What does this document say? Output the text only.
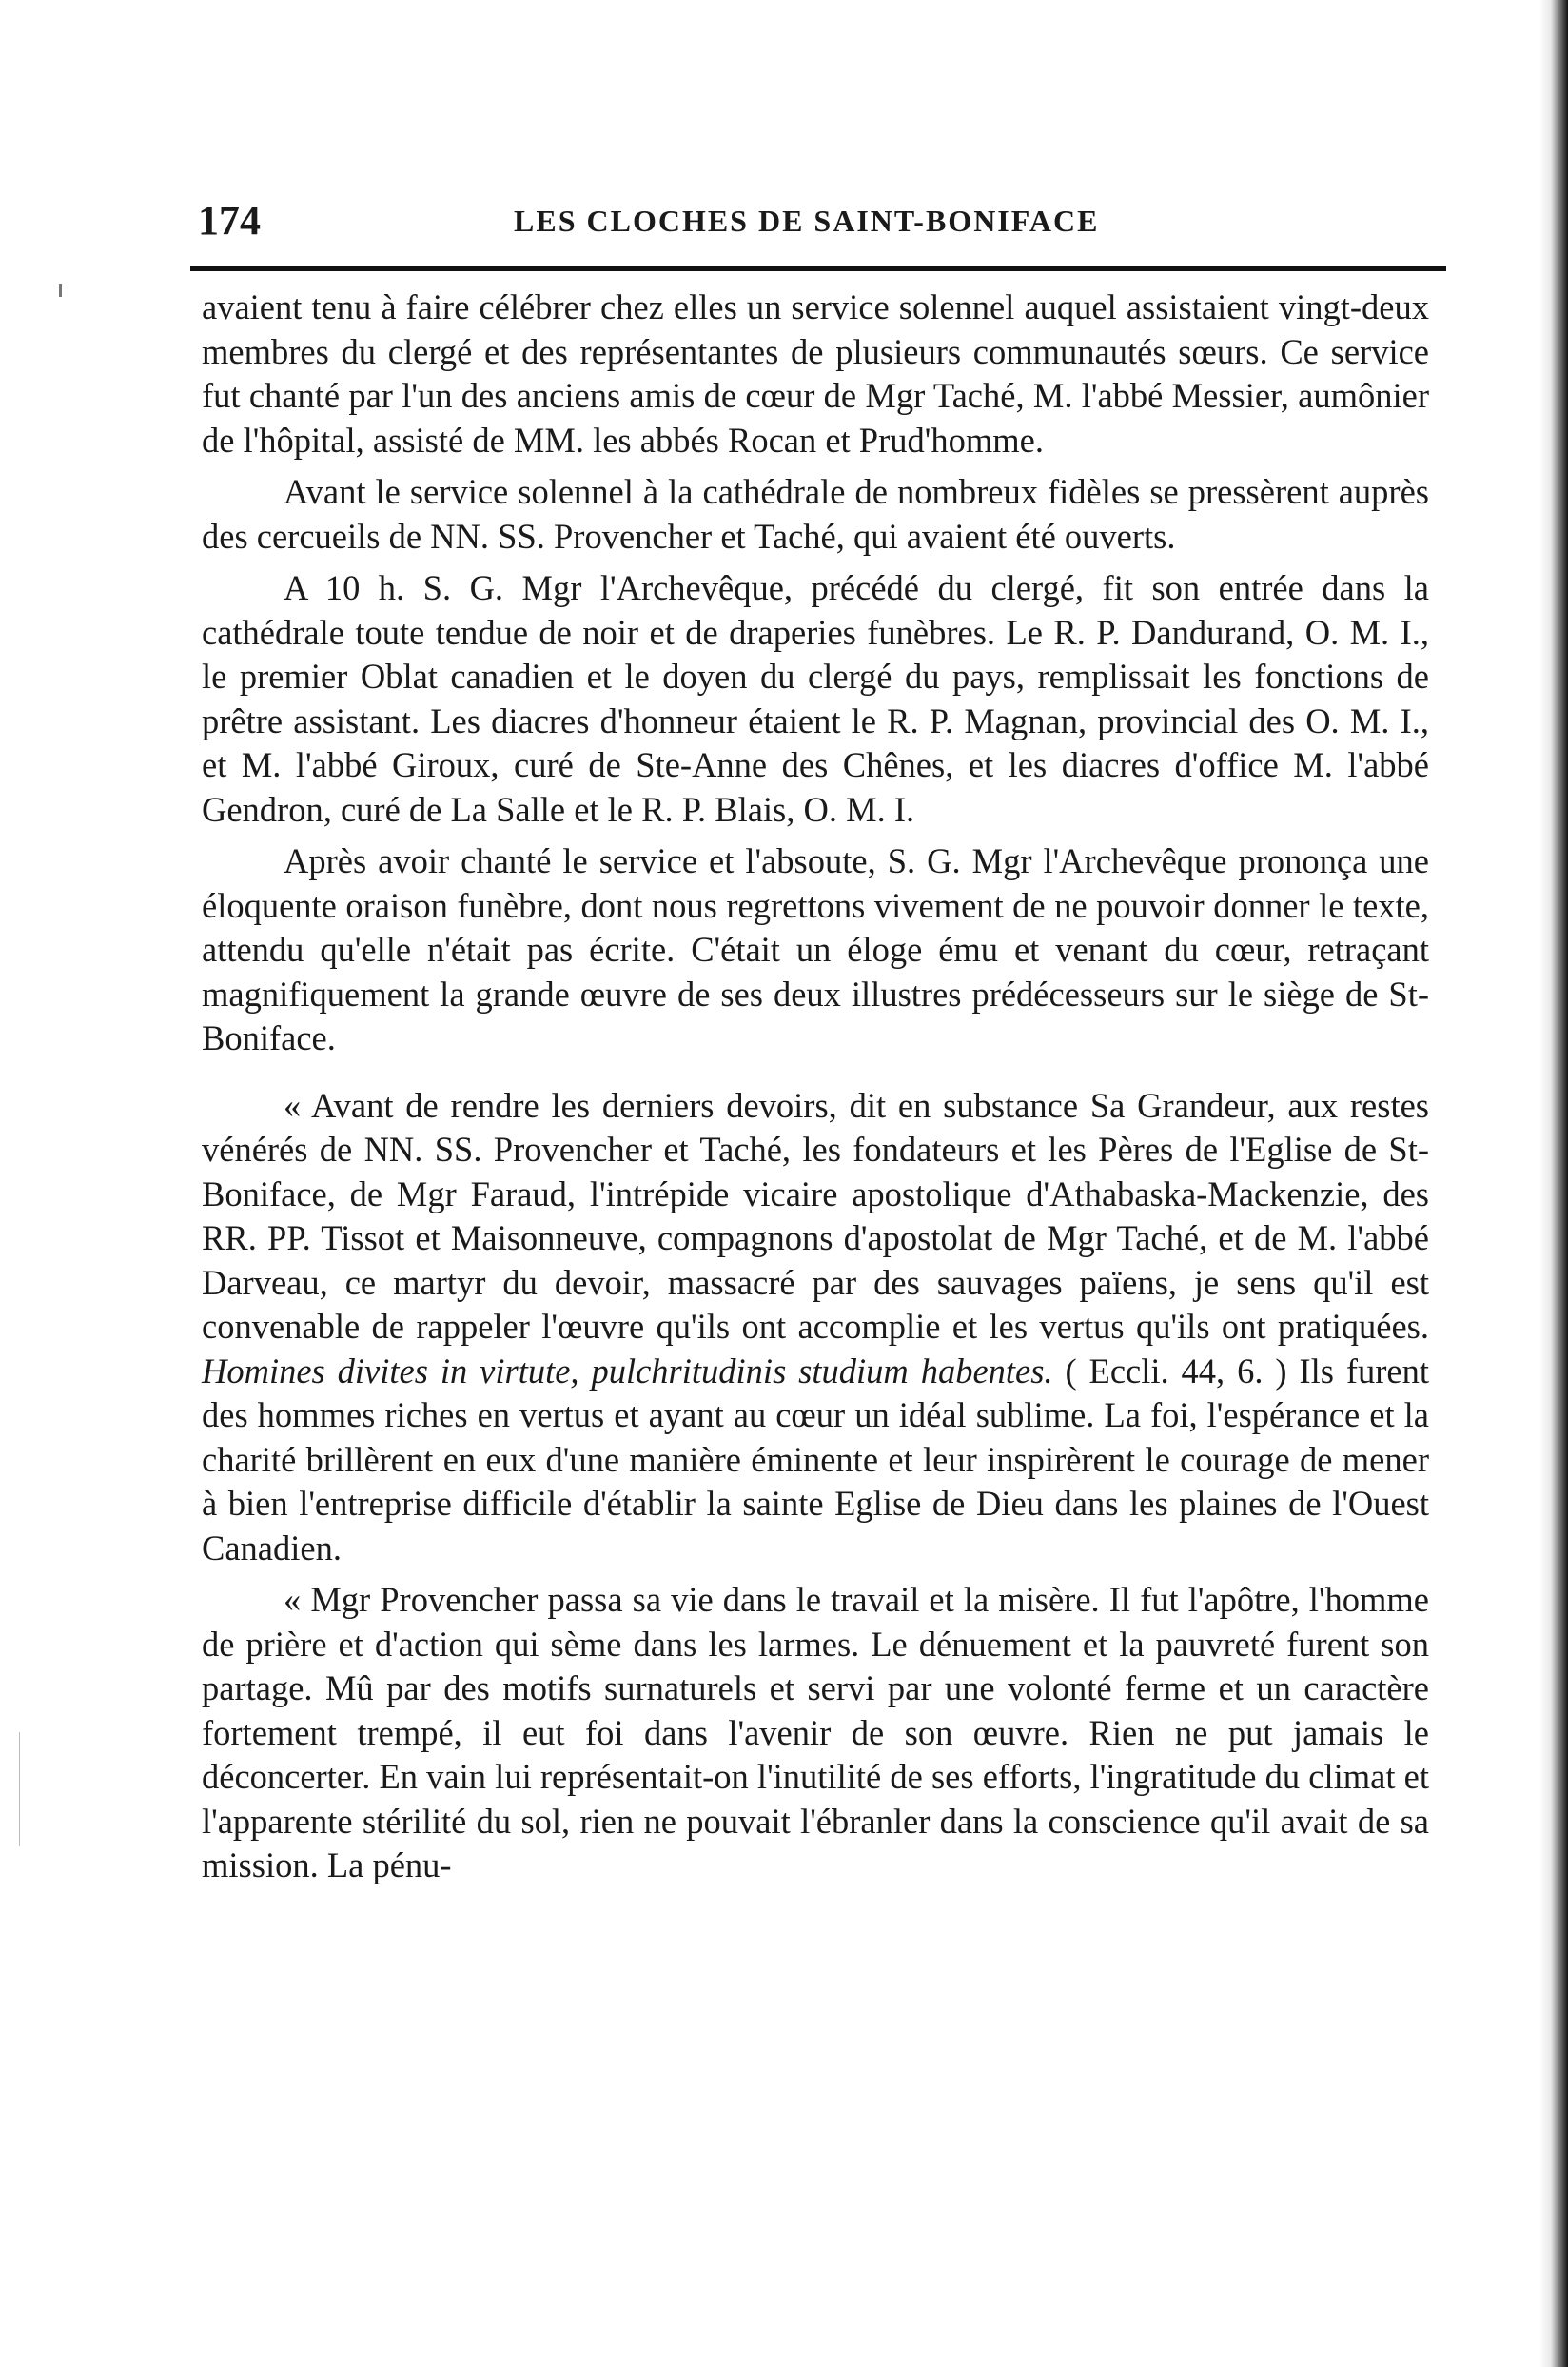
174	LES CLOCHES DE SAINT-BONIFACE

avaient tenu à faire célébrer chez elles un service solennel auquel assistaient vingt-deux membres du clergé et des représentantes de plusieurs communautés sœurs. Ce service fut chanté par l'un des anciens amis de cœur de Mgr Taché, M. l'abbé Messier, aumônier de l'hôpital, assisté de MM. les abbés Rocan et Prud'homme.

Avant le service solennel à la cathédrale de nombreux fidèles se pressèrent auprès des cercueils de NN. SS. Provencher et Taché, qui avaient été ouverts.

A 10 h. S. G. Mgr l'Archevêque, précédé du clergé, fit son entrée dans la cathédrale toute tendue de noir et de draperies funèbres. Le R. P. Dandurand, O. M. I., le premier Oblat canadien et le doyen du clergé du pays, remplissait les fonctions de prêtre assistant. Les diacres d'honneur étaient le R. P. Magnan, provincial des O. M. I., et M. l'abbé Giroux, curé de Ste-Anne des Chênes, et les diacres d'office M. l'abbé Gendron, curé de La Salle et le R. P. Blais, O. M. I.

Après avoir chanté le service et l'absoute, S. G. Mgr l'Archevêque prononça une éloquente oraison funèbre, dont nous regrettons vivement de ne pouvoir donner le texte, attendu qu'elle n'était pas écrite. C'était un éloge ému et venant du cœur, retraçant magnifiquement la grande œuvre de ses deux illustres prédécesseurs sur le siège de St-Boniface.

« Avant de rendre les derniers devoirs, dit en substance Sa Grandeur, aux restes vénérés de NN. SS. Provencher et Taché, les fondateurs et les Pères de l'Eglise de St-Boniface, de Mgr Faraud, l'intrépide vicaire apostolique d'Athabaska-Mackenzie, des RR. PP. Tissot et Maisonneuve, compagnons d'apostolat de Mgr Taché, et de M. l'abbé Darveau, ce martyr du devoir, massacré par des sauvages païens, je sens qu'il est convenable de rappeler l'œuvre qu'ils ont accomplie et les vertus qu'ils ont pratiquées. Homines divites in virtute, pulchritudinis studium habentes. ( Eccli. 44, 6. ) Ils furent des hommes riches en vertus et ayant au cœur un idéal sublime. La foi, l'espérance et la charité brillèrent en eux d'une manière éminente et leur inspirèrent le courage de mener à bien l'entreprise difficile d'établir la sainte Eglise de Dieu dans les plaines de l'Ouest Canadien.

« Mgr Provencher passa sa vie dans le travail et la misère. Il fut l'apôtre, l'homme de prière et d'action qui sème dans les larmes. Le dénuement et la pauvreté furent son partage. Mû par des motifs surnaturels et servi par une volonté ferme et un caractère fortement trempé, il eut foi dans l'avenir de son œuvre. Rien ne put jamais le déconcerter. En vain lui représentait-on l'inutilité de ses efforts, l'ingratitude du climat et l'apparente stérilité du sol, rien ne pouvait l'ébranler dans la conscience qu'il avait de sa mission. La pénu-
